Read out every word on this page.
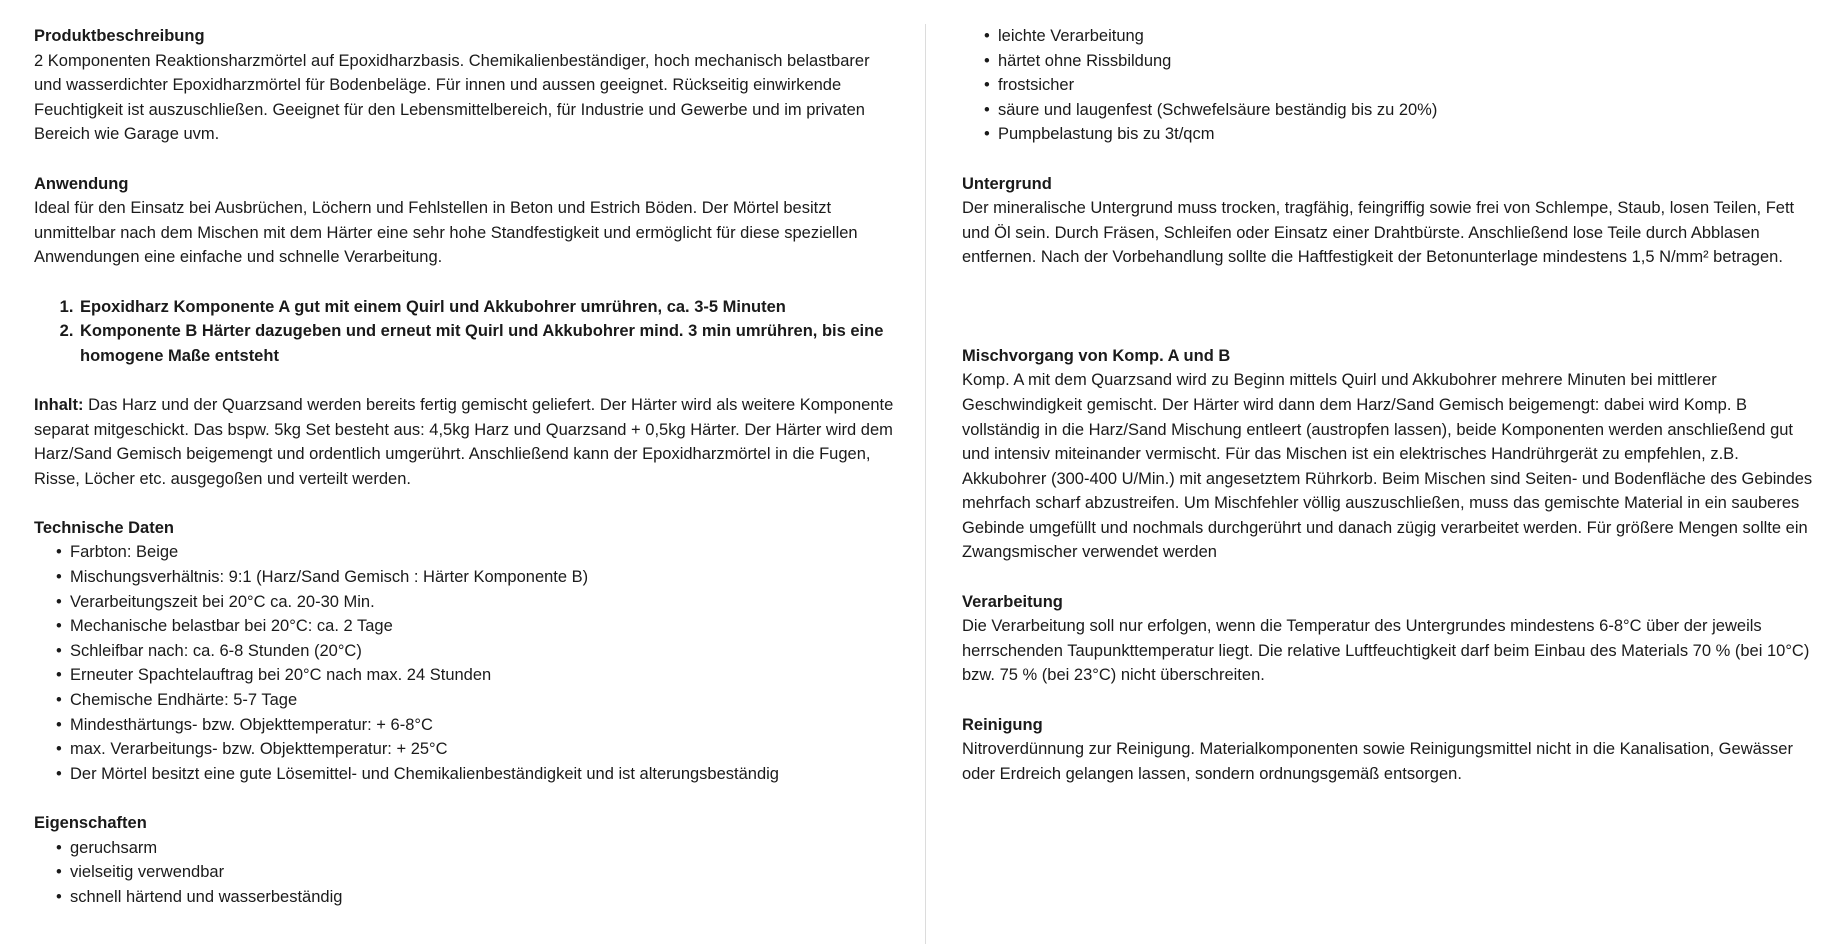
Produktbeschreibung

2 Komponenten Reaktionsharzmörtel auf Epoxidharzbasis. Chemikalienbeständiger, hoch mechanisch belastbarer und wasserdichter Epoxidharzmörtel für Bodenbeläge. Für innen und aussen geeignet. Rückseitig einwirkende Feuchtigkeit ist auszuschließen. Geeignet für den Lebensmittelbereich, für Industrie und Gewerbe und im privaten Bereich wie Garage uvm.

Anwendung

Ideal für den Einsatz bei Ausbrüchen, Löchern und Fehlstellen in Beton und Estrich Böden. Der Mörtel besitzt unmittelbar nach dem Mischen mit dem Härter eine sehr hohe Standfestigkeit und ermöglicht für diese speziellen Anwendungen eine einfache und schnelle Verarbeitung.

1. Epoxidharz Komponente A gut mit einem Quirl und Akkubohrer umrühren, ca. 3-5 Minuten
2. Komponente B Härter dazugeben und erneut mit Quirl und Akkubohrer mind. 3 min umrühren, bis eine homogene Maße entsteht

Inhalt: Das Harz und der Quarzsand werden bereits fertig gemischt geliefert. Der Härter wird als weitere Komponente separat mitgeschickt. Das bspw. 5kg Set besteht aus: 4,5kg Harz und Quarzsand + 0,5kg Härter. Der Härter wird dem Harz/Sand Gemisch beigemengt und ordentlich umgerührt. Anschließend kann der Epoxidharzmörtel in die Fugen, Risse, Löcher etc. ausgegoßen und verteilt werden.

Technische Daten

• Farbton: Beige
• Mischungsverhältnis: 9:1 (Harz/Sand Gemisch : Härter Komponente B)
• Verarbeitungszeit bei 20°C ca. 20-30 Min.
• Mechanische belastbar bei 20°C: ca. 2 Tage
• Schleifbar nach: ca. 6-8 Stunden (20°C)
• Erneuter Spachtelauftrag bei 20°C nach max. 24 Stunden
• Chemische Endhärte: 5-7 Tage
• Mindesthärtungs- bzw. Objekttemperatur: + 6-8°C
• max. Verarbeitungs- bzw. Objekttemperatur: + 25°C
• Der Mörtel besitzt eine gute Lösemittel- und Chemikalienbeständigkeit und ist alterungsbeständig

Eigenschaften

• geruchsarm
• vielseitig verwendbar
• schnell härtend und wasserbeständig
• leichte Verarbeitung
• härtet ohne Rissbildung
• frostsicher
• säure und laugenfest (Schwefelsäure beständig bis zu 20%)
• Pumpbelastung bis zu 3t/qcm

Untergrund

Der mineralische Untergrund muss trocken, tragfähig, feingriffig sowie frei von Schlempe, Staub, losen Teilen, Fett und Öl sein. Durch Fräsen, Schleifen oder Einsatz einer Drahtbürste. Anschließend lose Teile durch Abblasen entfernen. Nach der Vorbehandlung sollte die Haftfestigkeit der Betonunterlage mindestens 1,5 N/mm² betragen.

Mischvorgang von Komp. A und B

Komp. A mit dem Quarzsand wird zu Beginn mittels Quirl und Akkubohrer mehrere Minuten bei mittlerer Geschwindigkeit gemischt. Der Härter wird dann dem Harz/Sand Gemisch beigemengt: dabei wird Komp. B vollständig in die Harz/Sand Mischung entleert (austropfen lassen), beide Komponenten werden anschließend gut und intensiv miteinander vermischt. Für das Mischen ist ein elektrisches Handrührgerät zu empfehlen, z.B. Akkubohrer (300-400 U/Min.) mit angesetztem Rührkorb. Beim Mischen sind Seiten- und Bodenfläche des Gebindes mehrfach scharf abzustreifen. Um Mischfehler völlig auszuschließen, muss das gemischte Material in ein sauberes Gebinde umgefüllt und nochmals durchgerührt und danach zügig verarbeitet werden. Für größere Mengen sollte ein Zwangsmischer verwendet werden

Verarbeitung

Die Verarbeitung soll nur erfolgen, wenn die Temperatur des Untergrundes mindestens 6-8°C über der jeweils herrschenden Taupunkttemperatur liegt. Die relative Luftfeuchtigkeit darf beim Einbau des Materials 70 % (bei 10°C) bzw. 75 % (bei 23°C) nicht überschreiten.

Reinigung

Nitroverdünnung zur Reinigung. Materialkomponenten sowie Reinigungsmittel nicht in die Kanalisation, Gewässer oder Erdreich gelangen lassen, sondern ordnungsgemäß entsorgen.
